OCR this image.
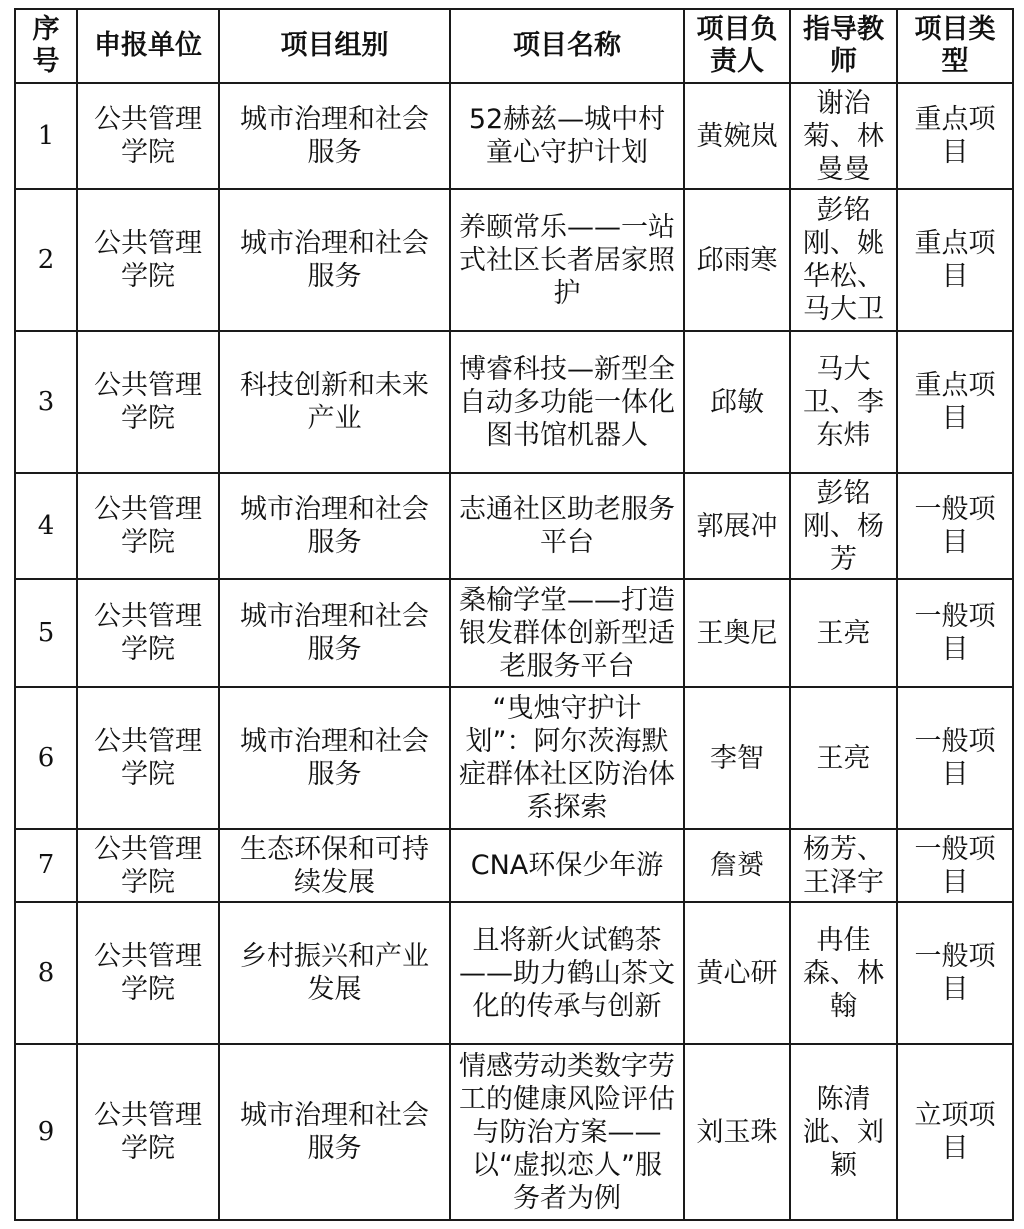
序号	申报单位	项目组别	项目名称	项目负责人	指导教师	项目类型
1	公共管理学院	城市治理和社会服务	52赫兹—城中村童心守护计划	黄婉岚	谢治菊、林曼曼	重点项目
2	公共管理学院	城市治理和社会服务	养颐常乐——一站式社区长者居家照护	邱雨寒	彭铭刚、姚华松、马大卫	重点项目
3	公共管理学院	科技创新和未来产业	博睿科技—新型全自动多功能一体化图书馆机器人	邱敏	马大卫、李东炜	重点项目
4	公共管理学院	城市治理和社会服务	志通社区助老服务平台	郭展冲	彭铭刚、杨芳	一般项目
5	公共管理学院	城市治理和社会服务	桑榆学堂——打造银发群体创新型适老服务平台	王奥尼	王亮	一般项目
6	公共管理学院	城市治理和社会服务	“曳烛守护计划”：阿尔茨海默症群体社区防治体系探索	李智	王亮	一般项目
7	公共管理学院	生态环保和可持续发展	CNA环保少年游	詹赟	杨芳、王泽宇	一般项目
8	公共管理学院	乡村振兴和产业发展	且将新火试鹤茶——助力鹤山茶文化的传承与创新	黄心研	冉佳森、林翰	一般项目
9	公共管理学院	城市治理和社会服务	情感劳动类数字劳工的健康风险评估与防治方案——以“虚拟恋人”服务者为例	刘玉珠	陈清泚、刘颖	立项项目
